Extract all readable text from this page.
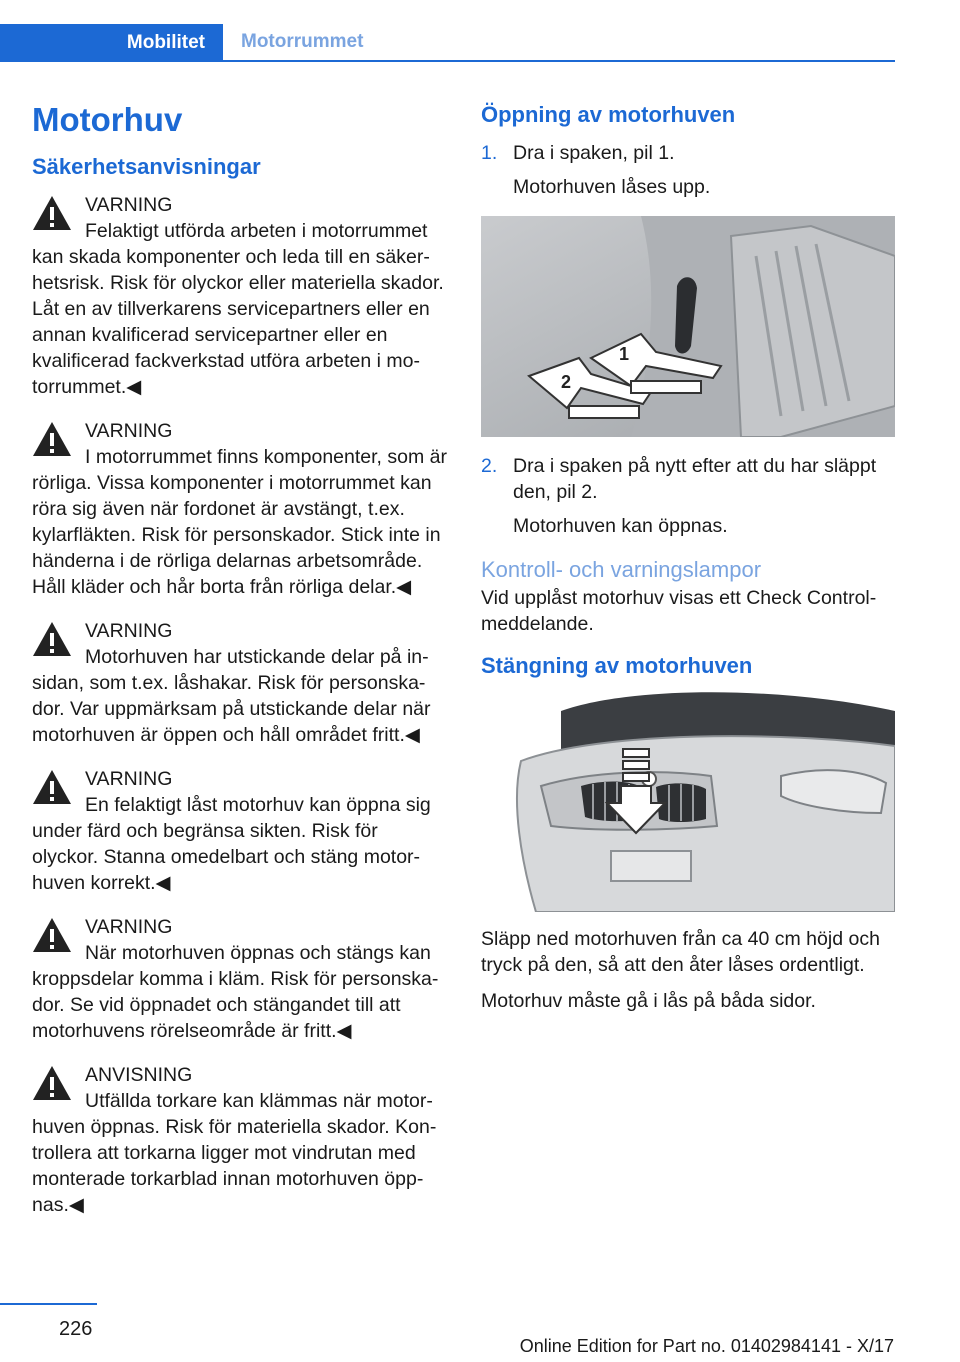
Mobilitet	Motorrummet
Motorhuv
Säkerhetsanvisningar
VARNING
Felaktigt utförda arbeten i motorrummet kan skada komponenter och leda till en säkerhetsrisk. Risk för olyckor eller materiella skador. Låt en av tillverkarens servicepartners eller en annan kvalificerad servicepartner eller en kvalificerad fackverkstad utföra arbeten i motorrummet.◀
VARNING
I motorrummet finns komponenter, som är rörliga. Vissa komponenter i motorrummet kan röra sig även när fordonet är avstängt, t.ex. kylarfläkten. Risk för personskador. Stick inte in händerna i de rörliga delarnas arbetsområde. Håll kläder och hår borta från rörliga delar.◀
VARNING
Motorhuven har utstickande delar på insidan, som t.ex. låshakar. Risk för personskador. Var uppmärksam på utstickande delar när motorhuven är öppen och håll området fritt.◀
VARNING
En felaktigt låst motorhuv kan öppna sig under färd och begränsa sikten. Risk för olyckor. Stanna omedelbart och stäng motorhuven korrekt.◀
VARNING
När motorhuven öppnas och stängs kan kroppsdelar komma i kläm. Risk för personskador. Se vid öppnadet och stängandet till att motorhuvens rörelseområde är fritt.◀
ANVISNING
Utfällda torkare kan klämmas när motorhuven öppnas. Risk för materiella skador. Kontrollera att torkarna ligger mot vindrutan med monterade torkarblad innan motorhuven öppnas.◀
Öppning av motorhuven
1. Dra i spaken, pil 1.
Motorhuven låses upp.
1
2
2. Dra i spaken på nytt efter att du har släppt den, pil 2.
Motorhuven kan öppnas.
Kontroll- och varningslampor

Vid upplåst motorhuv visas ett Check Control-meddelande.

Stängning av motorhuven

Släpp ned motorhuven från ca 40 cm höjd och tryck på den, så att den åter låses ordentligt.

Motorhuv måste gå i lås på båda sidor.

226
Online Edition for Part no. 01402984141 - X/17
